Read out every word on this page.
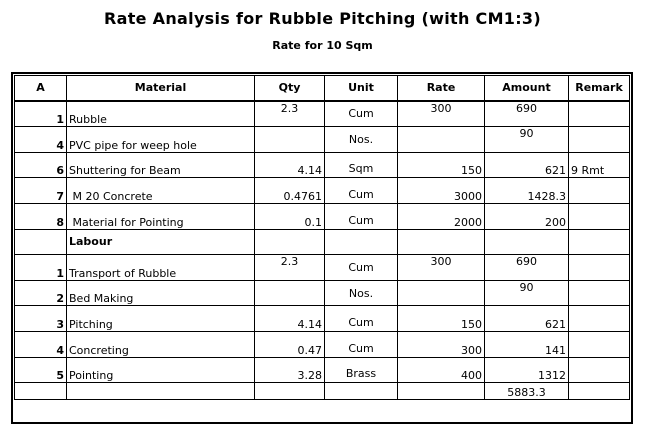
Rate Analysis for Rubble Pitching (with CM1:3)
Rate for 10 Sqm
A	Material	Qty	Unit	Rate	Amount	Remark
1	Rubble	2.3	Cum	300	690	
4	PVC pipe for weep hole		Nos.		90	
6	Shuttering for Beam	4.14	Sqm	150	621	9 Rmt
7	M 20 Concrete	0.4761	Cum	3000	1428.3	
8	Material for Pointing	0.1	Cum	2000	200	
	Labour					
1	Transport of Rubble	2.3	Cum	300	690	
2	Bed Making		Nos.		90	
3	Pitching	4.14	Cum	150	621	
4	Concreting	0.47	Cum	300	141	
5	Pointing	3.28	Brass	400	1312	
					5883.3	
